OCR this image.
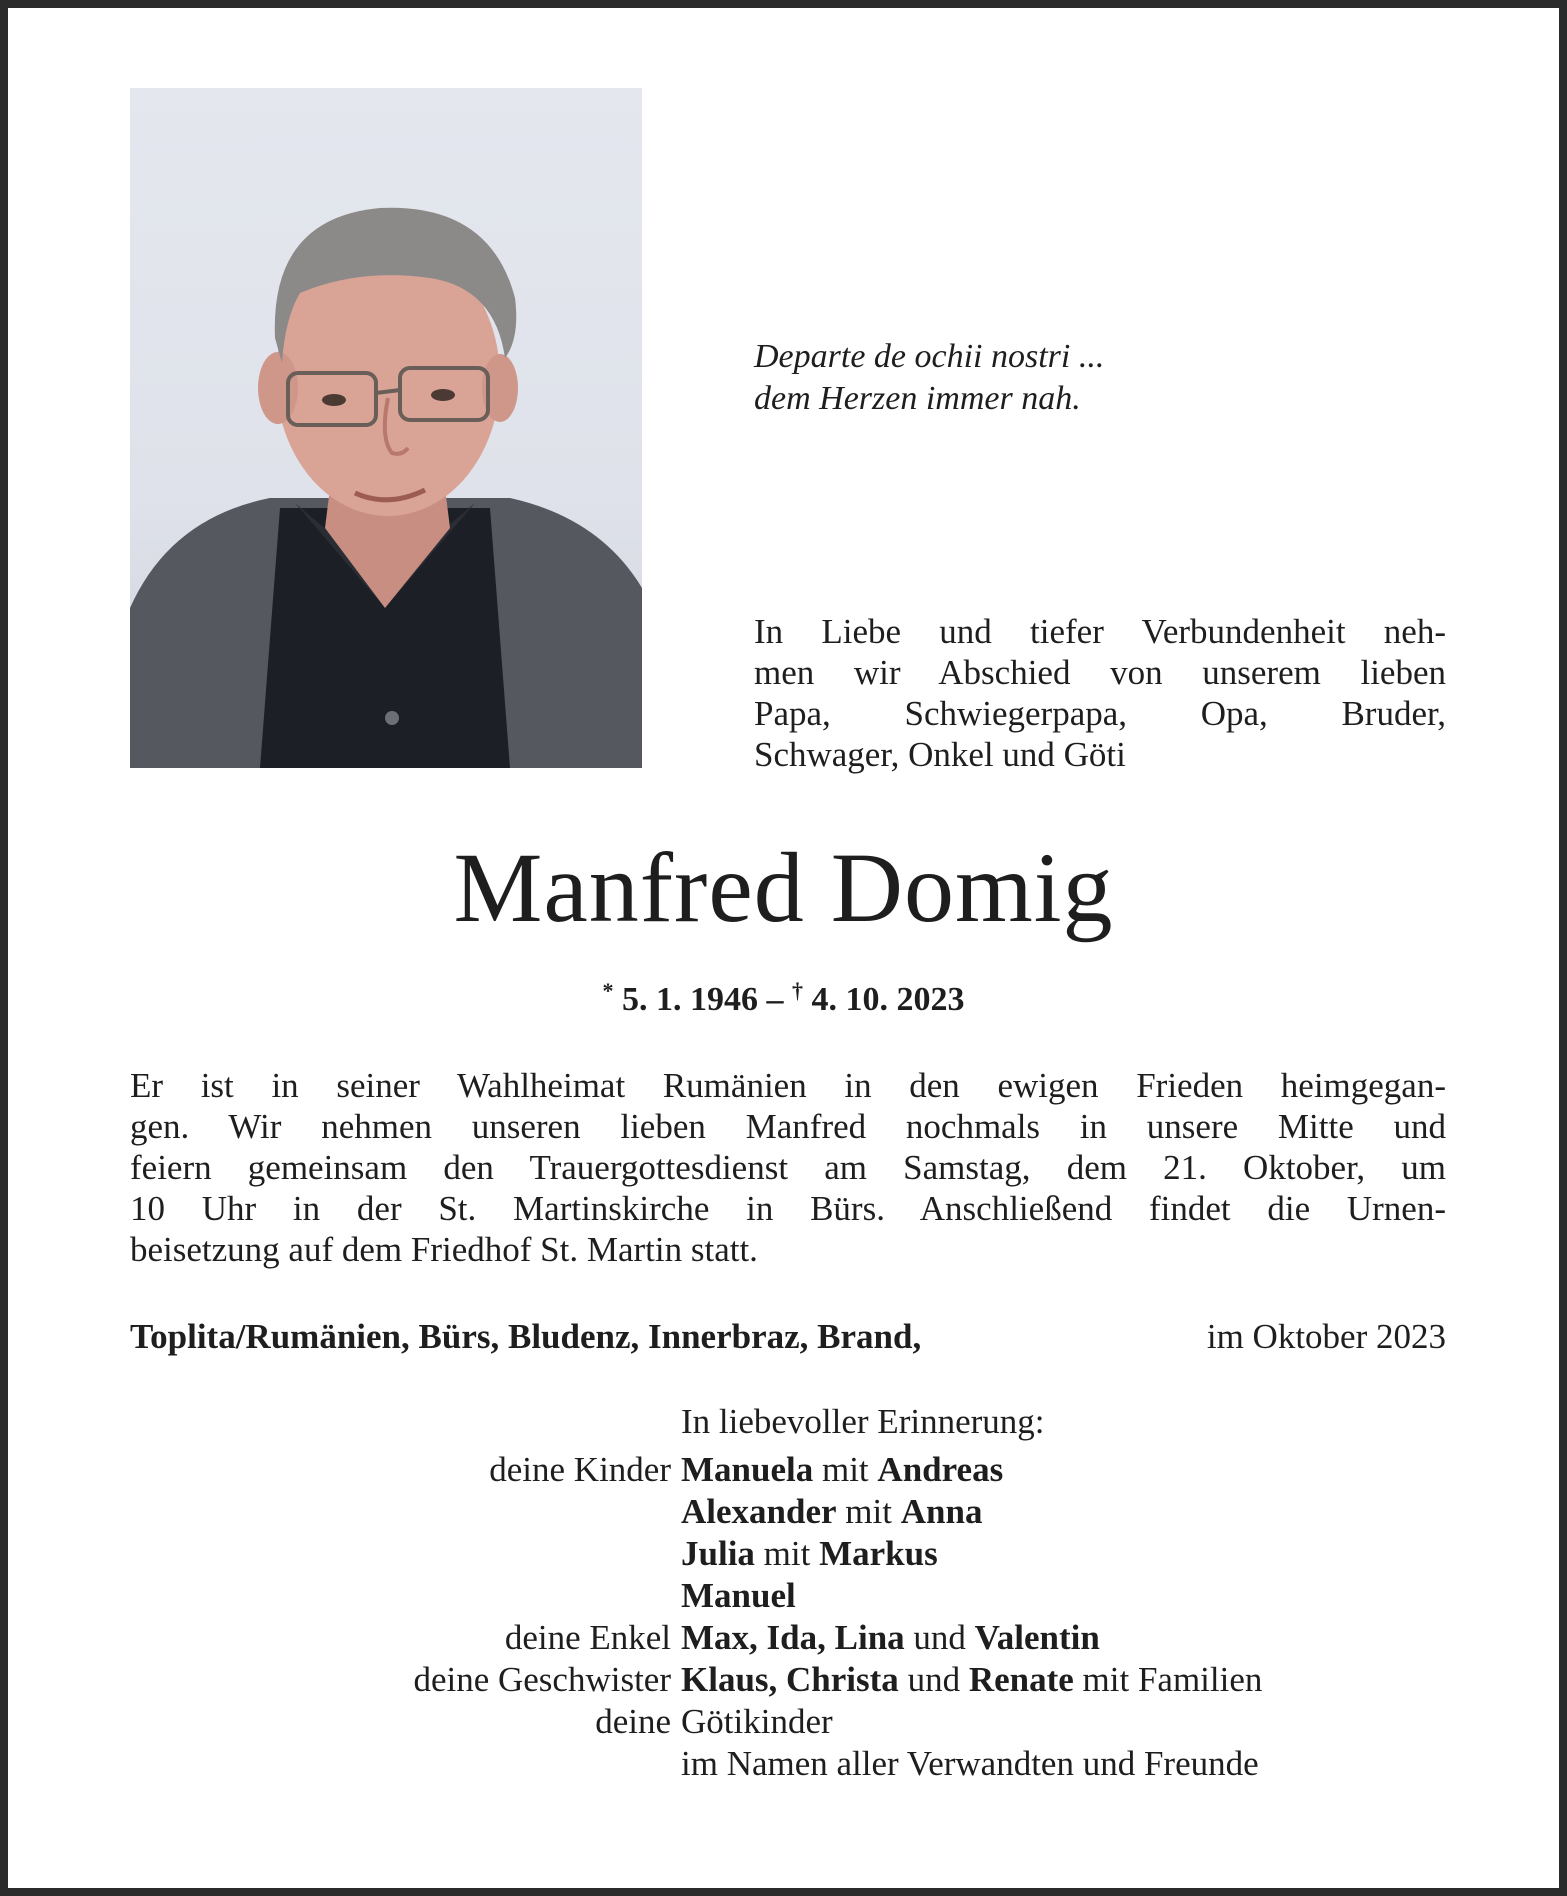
Departe de ochii nostri ...
dem Herzen immer nah.
In Liebe und tiefer Verbundenheit neh-
men wir Abschied von unserem lieben
Papa, Schwiegerpapa, Opa, Bruder,
Schwager, Onkel und Göti
Manfred Domig
* 5. 1. 1946 – † 4. 10. 2023
Er ist in seiner Wahlheimat Rumänien in den ewigen Frieden heimgegan-
gen. Wir nehmen unseren lieben Manfred nochmals in unsere Mitte und
feiern gemeinsam den Trauergottesdienst am Samstag, dem 21. Oktober, um
10 Uhr in der St. Martinskirche in Bürs. Anschließend findet die Urnen-
beisetzung auf dem Friedhof St. Martin statt.
Toplita/Rumänien, Bürs, Bludenz, Innerbraz, Brand,	im Oktober 2023
In liebevoller Erinnerung:
deine Kinder Manuela mit Andreas
Alexander mit Anna
Julia mit Markus
Manuel
deine Enkel Max, Ida, Lina und Valentin
deine Geschwister Klaus, Christa und Renate mit Familien
deine Götikinder
im Namen aller Verwandten und Freunde
